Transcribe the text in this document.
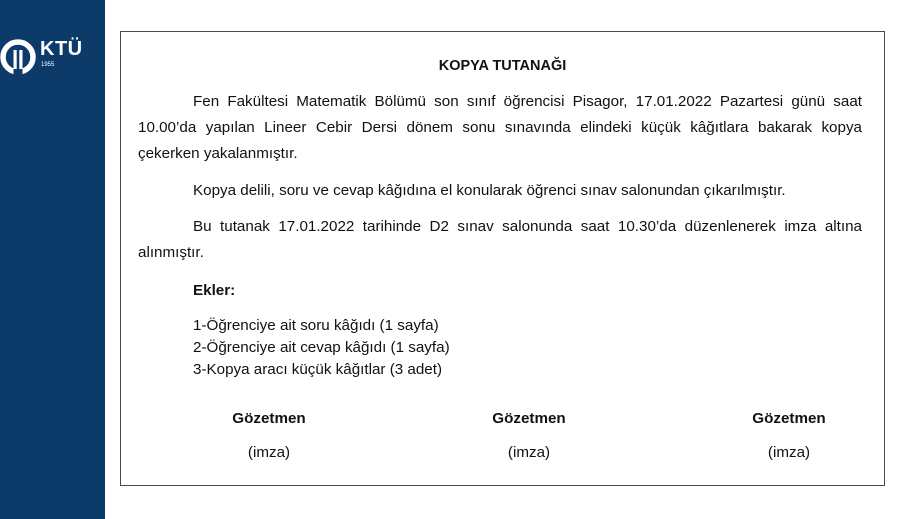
KTÜ
1955	KOPYA TUTANAĞI

Fen Fakültesi Matematik Bölümü son sınıf öğrencisi Pisagor, 17.01.2022 Pazartesi günü saat 10.00’da yapılan Lineer Cebir Dersi dönem sonu sınavında elindeki küçük kâğıtlara bakarak kopya çekerken yakalanmıştır.

Kopya delili, soru ve cevap kâğıdına el konularak öğrenci sınav salonundan çıkarılmıştır.

Bu tutanak 17.01.2022 tarihinde D2 sınav salonunda saat 10.30’da düzenlenerek imza altına alınmıştır.

Ekler:
1-Öğrenciye ait soru kâğıdı (1 sayfa)
2-Öğrenciye ait cevap kâğıdı (1 sayfa)
3-Kopya aracı küçük kâğıtlar (3 adet)
Gözetmen
(imza)
Gözetmen
(imza)
Gözetmen
(imza)
